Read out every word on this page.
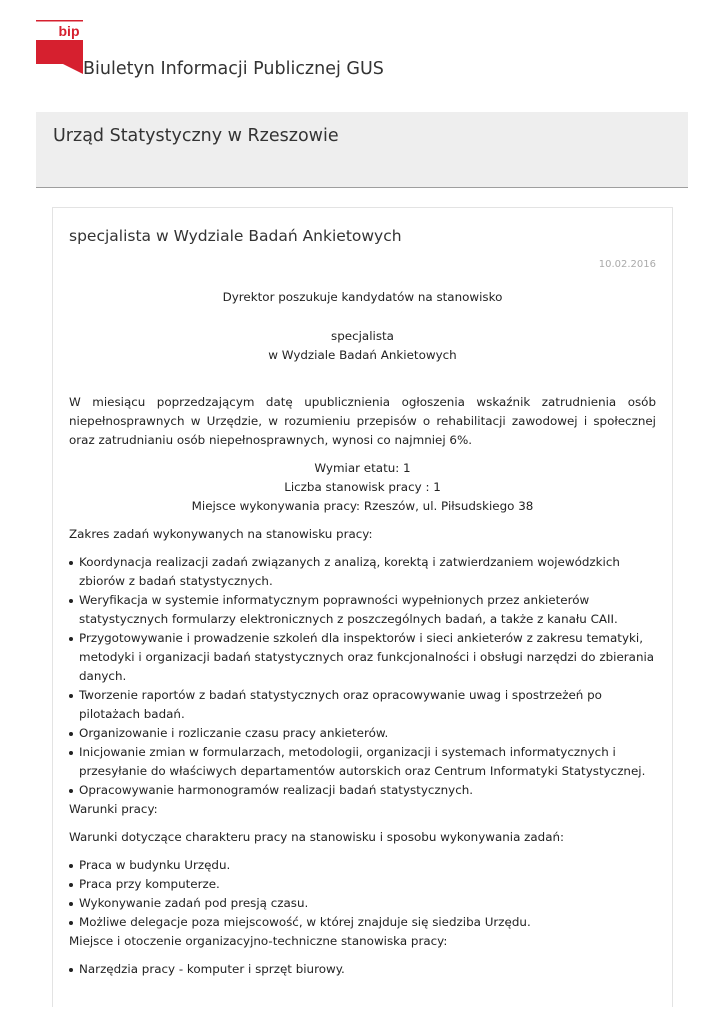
bip
Biuletyn Informacji Publicznej GUS
Urząd Statystyczny w Rzeszowie
specjalista w Wydziale Badań Ankietowych
10.02.2016

Dyrektor poszukuje kandydatów na stanowisko

specjalista

w Wydziale Badań Ankietowych

W miesiącu poprzedzającym datę upublicznienia ogłoszenia wskaźnik zatrudnienia osób niepełnosprawnych w Urzędzie, w rozumieniu przepisów o rehabilitacji zawodowej i społecznej oraz zatrudnianiu osób niepełnosprawnych, wynosi co najmniej 6%.

Wymiar etatu: 1

Liczba stanowisk pracy : 1

Miejsce wykonywania pracy: Rzeszów, ul. Piłsudskiego 38

Zakres zadań wykonywanych na stanowisku pracy:

Koordynacja realizacji zadań związanych z analizą, korektą i zatwierdzaniem wojewódzkich zbiorów z badań statystycznych.
Weryfikacja w systemie informatycznym poprawności wypełnionych przez ankieterów statystycznych formularzy elektronicznych z poszczególnych badań, a także z kanału CAII.
Przygotowywanie i prowadzenie szkoleń dla inspektorów i sieci ankieterów z zakresu tematyki, metodyki i organizacji badań statystycznych oraz funkcjonalności i obsługi narzędzi do zbierania danych.
Tworzenie raportów z badań statystycznych oraz opracowywanie uwag i spostrzeżeń po pilotażach badań.
Organizowanie i rozliczanie czasu pracy ankieterów.
Inicjowanie zmian w formularzach, metodologii, organizacji i systemach informatycznych i przesyłanie do właściwych departamentów autorskich oraz Centrum Informatyki Statystycznej.
Opracowywanie harmonogramów realizacji badań statystycznych.

Warunki pracy:

Warunki dotyczące charakteru pracy na stanowisku i sposobu wykonywania zadań:

Praca w budynku Urzędu.
Praca przy komputerze.
Wykonywanie zadań pod presją czasu.
Możliwe delegacje poza miejscowość, w której znajduje się siedziba Urzędu.

Miejsce i otoczenie organizacyjno-techniczne stanowiska pracy:

Narzędzia pracy - komputer i sprzęt biurowy.
